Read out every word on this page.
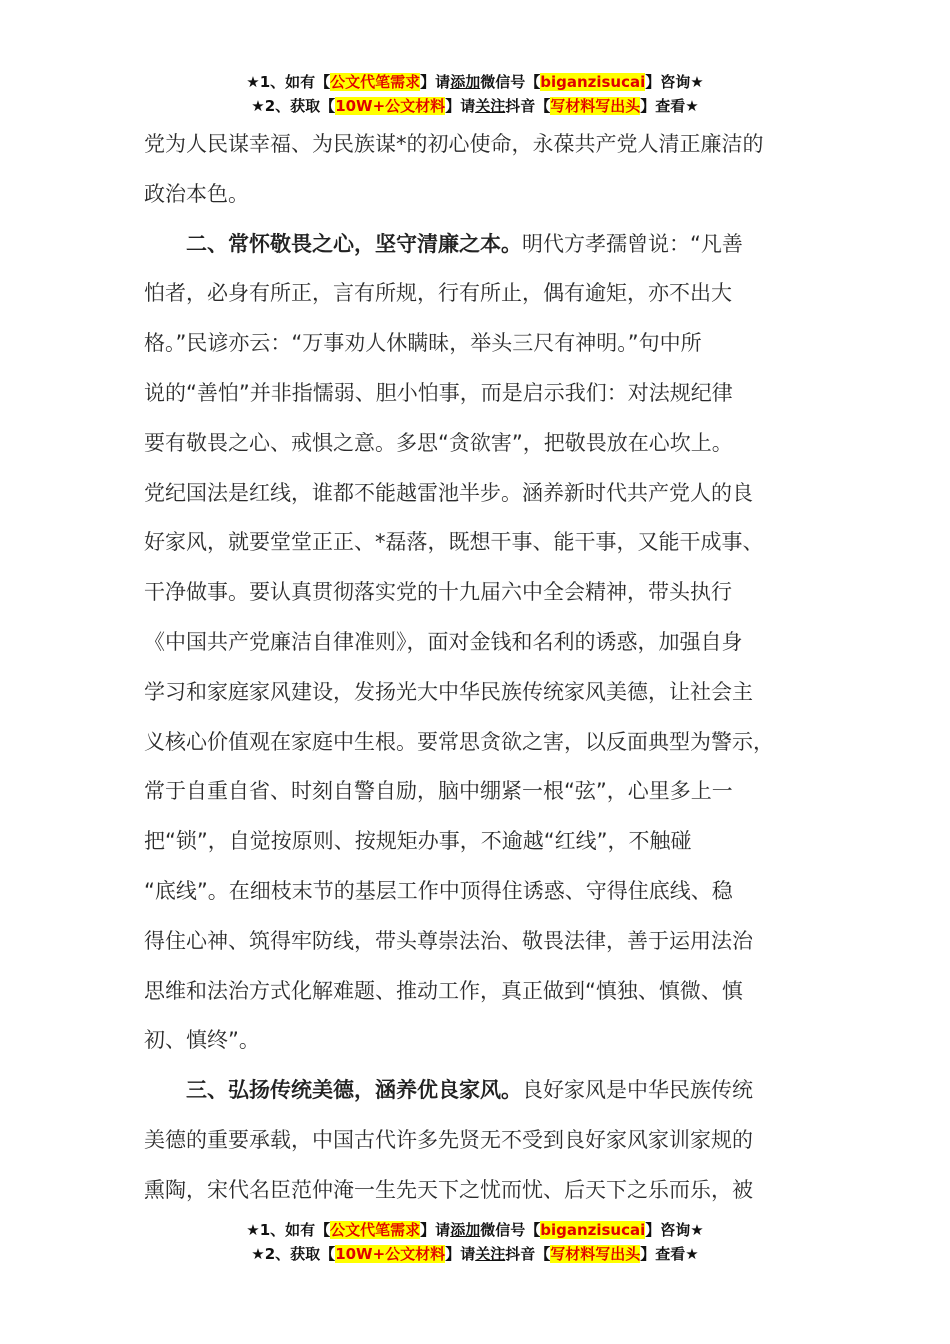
★1、如有【公文代笔需求】请添加微信号【biganzisucai】咨询★
★2、获取【10W+公文材料】请关注抖音【写材料写出头】查看★
党为人民谋幸福、为民族谋*的初心使命，永葆共产党人清正廉洁的
政治本色。
二、常怀敬畏之心，坚守清廉之本。明代方孝孺曾说：“凡善
怕者，必身有所正，言有所规，行有所止，偶有逾矩，亦不出大
格。”民谚亦云：“万事劝人休瞒昧，举头三尺有神明。”句中所
说的“善怕”并非指懦弱、胆小怕事，而是启示我们：对法规纪律
要有敬畏之心、戒惧之意。多思“贪欲害”，把敬畏放在心坎上。
党纪国法是红线，谁都不能越雷池半步。涵养新时代共产党人的良
好家风，就要堂堂正正、*磊落，既想干事、能干事，又能干成事、
干净做事。要认真贯彻落实党的十九届六中全会精神，带头执行
《中国共产党廉洁自律准则》，面对金钱和名利的诱惑，加强自身
学习和家庭家风建设，发扬光大中华民族传统家风美德，让社会主
义核心价值观在家庭中生根。要常思贪欲之害，以反面典型为警示，
常于自重自省、时刻自警自励，脑中绷紧一根“弦”，心里多上一
把“锁”，自觉按原则、按规矩办事，不逾越“红线”，不触碰
“底线”。在细枝末节的基层工作中顶得住诱惑、守得住底线、稳
得住心神、筑得牢防线，带头尊崇法治、敬畏法律，善于运用法治
思维和法治方式化解难题、推动工作，真正做到“慎独、慎微、慎
初、慎终”。
三、弘扬传统美德，涵养优良家风。良好家风是中华民族传统
美德的重要承载，中国古代许多先贤无不受到良好家风家训家规的
熏陶，宋代名臣范仲淹一生先天下之忧而忧、后天下之乐而乐，被
★1、如有【公文代笔需求】请添加微信号【biganzisucai】咨询★
★2、获取【10W+公文材料】请关注抖音【写材料写出头】查看★
